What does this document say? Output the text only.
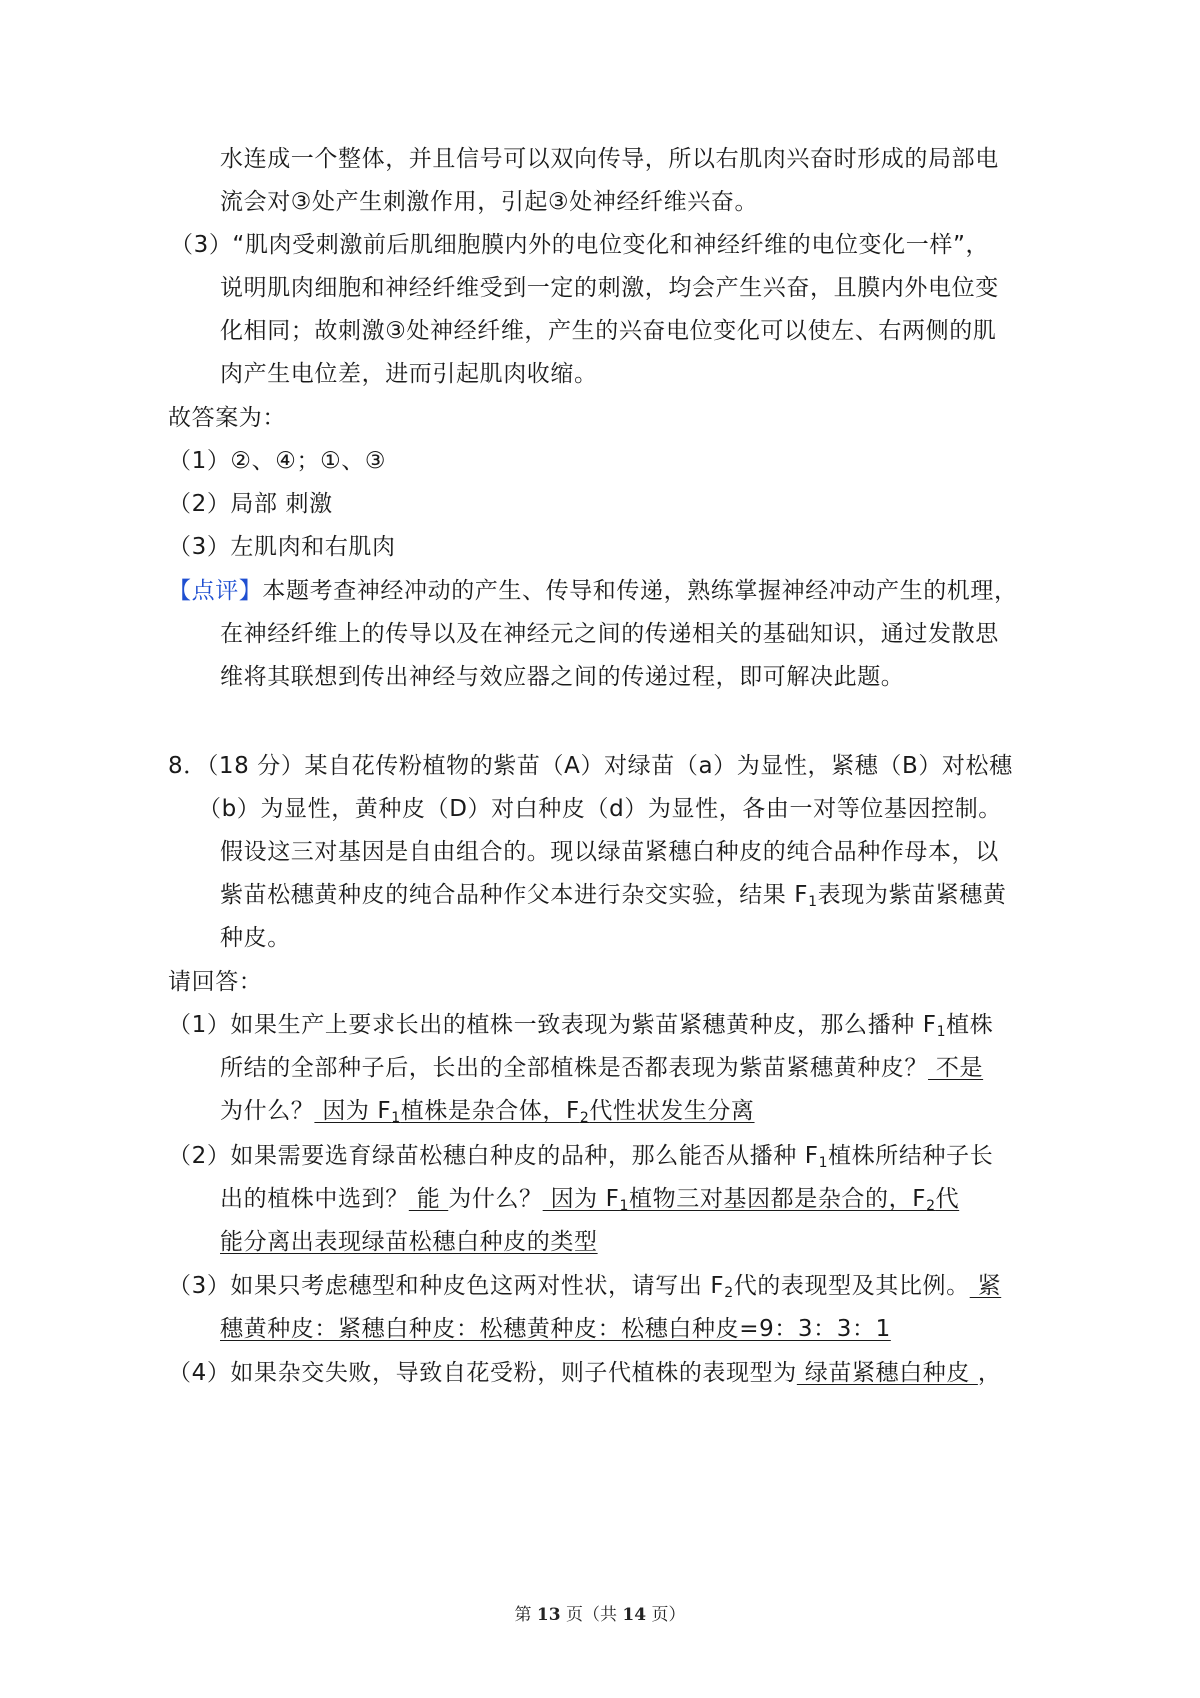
水连成一个整体，并且信号可以双向传导，所以右肌肉兴奋时形成的局部电
流会对③处产生刺激作用，引起③处神经纤维兴奋。
（3）“肌肉受刺激前后肌细胞膜内外的电位变化和神经纤维的电位变化一样”，
说明肌肉细胞和神经纤维受到一定的刺激，均会产生兴奋，且膜内外电位变
化相同；故刺激③处神经纤维，产生的兴奋电位变化可以使左、右两侧的肌
肉产生电位差，进而引起肌肉收缩。
故答案为：
（1）②、④；①、③
（2）局部 刺激
（3）左肌肉和右肌肉
【点评】本题考查神经冲动的产生、传导和传递，熟练掌握神经冲动产生的机理，
在神经纤维上的传导以及在神经元之间的传递相关的基础知识，通过发散思
维将其联想到传出神经与效应器之间的传递过程，即可解决此题。
8．（18 分）某自花传粉植物的紫苗（A）对绿苗（a）为显性，紧穗（B）对松穗
（b）为显性，黄种皮（D）对白种皮（d）为显性，各由一对等位基因控制。
假设这三对基因是自由组合的。现以绿苗紧穗白种皮的纯合品种作母本，以
紫苗松穗黄种皮的纯合品种作父本进行杂交实验，结果 $F_1$表现为紫苗紧穗黄
种皮。
请回答：
（1）如果生产上要求长出的植株一致表现为紫苗紧穗黄种皮，那么播种 $F_1$植株
所结的全部种子后，长出的全部植株是否都表现为紫苗紧穗黄种皮？ 不是
为什么？ 因为 $F_1$植株是杂合体，$F_2$代性状发生分离
（2）如果需要选育绿苗松穗白种皮的品种，那么能否从播种 $F_1$植株所结种子长
出的植株中选到？ 能 为什么？ 因为 $F_1$植物三对基因都是杂合的，$F_2$代
能分离出表现绿苗松穗白种皮的类型
（3）如果只考虑穗型和种皮色这两对性状，请写出 $F_2$代的表现型及其比例。 紧
穗黄种皮：紧穗白种皮：松穗黄种皮：松穗白种皮=9：3：3：1
（4）如果杂交失败，导致自花受粉，则子代植株的表现型为 绿苗紧穗白种皮 ，
第 13 页（共 14 页）
